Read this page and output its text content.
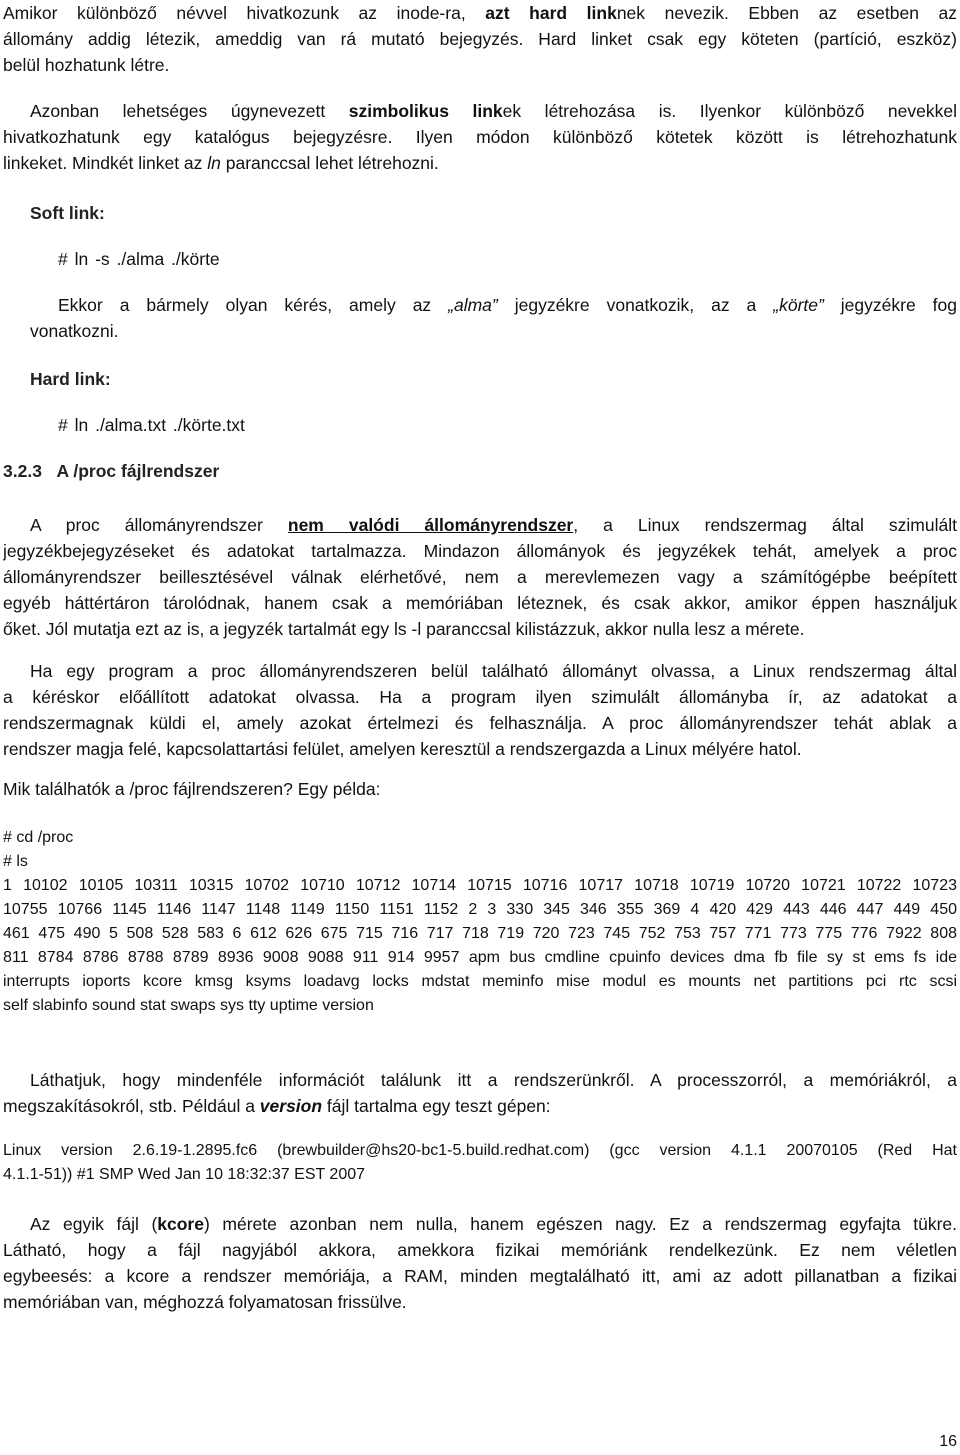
Amikor különböző névvel hivatkozunk az inode-ra, azt hard linknek nevezik. Ebben az esetben az
állomány addig létezik, ameddig van rá mutató bejegyzés. Hard linket csak egy köteten (partíció, eszköz)
belül hozhatunk létre.
Azonban lehetséges úgynevezett szimbolikus linkek létrehozása is. Ilyenkor különböző nevekkel
hivatkozhatunk egy katalógus bejegyzésre. Ilyen módon különböző kötetek között is létrehozhatunk
linkeket. Mindkét linket az ln paranccsal lehet létrehozni.
Soft link:
# ln -s ./alma ./körte
Ekkor a bármely olyan kérés, amely az „alma” jegyzékre vonatkozik, az a „körte” jegyzékre fog
vonatkozni.
Hard link:
# ln ./alma.txt ./körte.txt
3.2.3 A /proc fájlrendszer
A proc állományrendszer nem valódi állományrendszer, a Linux rendszermag által szimulált
jegyzékbejegyzéseket és adatokat tartalmazza. Mindazon állományok és jegyzékek tehát, amelyek a proc
állományrendszer beillesztésével válnak elérhetővé, nem a merevlemezen vagy a számítógépbe beépített
egyéb háttértáron tárolódnak, hanem csak a memóriában léteznek, és csak akkor, amikor éppen használjuk
őket. Jól mutatja ezt az is, a jegyzék tartalmát egy ls -l paranccsal kilistázzuk, akkor nulla lesz a mérete.
Ha egy program a proc állományrendszeren belül található állományt olvassa, a Linux rendszermag által
a kéréskor előállított adatokat olvassa. Ha a program ilyen szimulált állományba ír, az adatokat a
rendszermagnak küldi el, amely azokat értelmezi és felhasználja. A proc állományrendszer tehát ablak a
rendszer magja felé, kapcsolattartási felület, amelyen keresztül a rendszergazda a Linux mélyére hatol.
Mik találhatók a /proc fájlrendszeren? Egy példa:
# cd /proc
# ls
1 10102 10105 10311 10315 10702 10710 10712 10714 10715 10716 10717 10718 10719 10720 10721 10722 10723
10755 10766 1145 1146 1147 1148 1149 1150 1151 1152 2 3 330 345 346 355 369 4 420 429 443 446 447 449 450
461 475 490 5 508 528 583 6 612 626 675 715 716 717 718 719 720 723 745 752 753 757 771 773 775 776 7922 808
811 8784 8786 8788 8789 8936 9008 9088 911 914 9957 apm bus cmdline cpuinfo devices dma fb file sy st ems fs ide
interrupts ioports kcore kmsg ksyms loadavg locks mdstat meminfo mise modul es mounts net partitions pci rtc scsi
self slabinfo sound stat swaps sys tty uptime version
Láthatjuk, hogy mindenféle információt találunk itt a rendszerünkről. A processzorról, a memóriákról, a
megszakításokról, stb. Például a version fájl tartalma egy teszt gépen:
Linux version 2.6.19-1.2895.fc6 (brewbuilder@hs20-bc1-5.build.redhat.com) (gcc version 4.1.1 20070105 (Red Hat
4.1.1-51)) #1 SMP Wed Jan 10 18:32:37 EST 2007
Az egyik fájl (kcore) mérete azonban nem nulla, hanem egészen nagy. Ez a rendszermag egyfajta tükre.
Látható, hogy a fájl nagyjából akkora, amekkora fizikai memóriánk rendelkezünk. Ez nem véletlen
egybeesés: a kcore a rendszer memóriája, a RAM, minden megtalálható itt, ami az adott pillanatban a fizikai
memóriában van, méghozzá folyamatosan frissülve.
16
